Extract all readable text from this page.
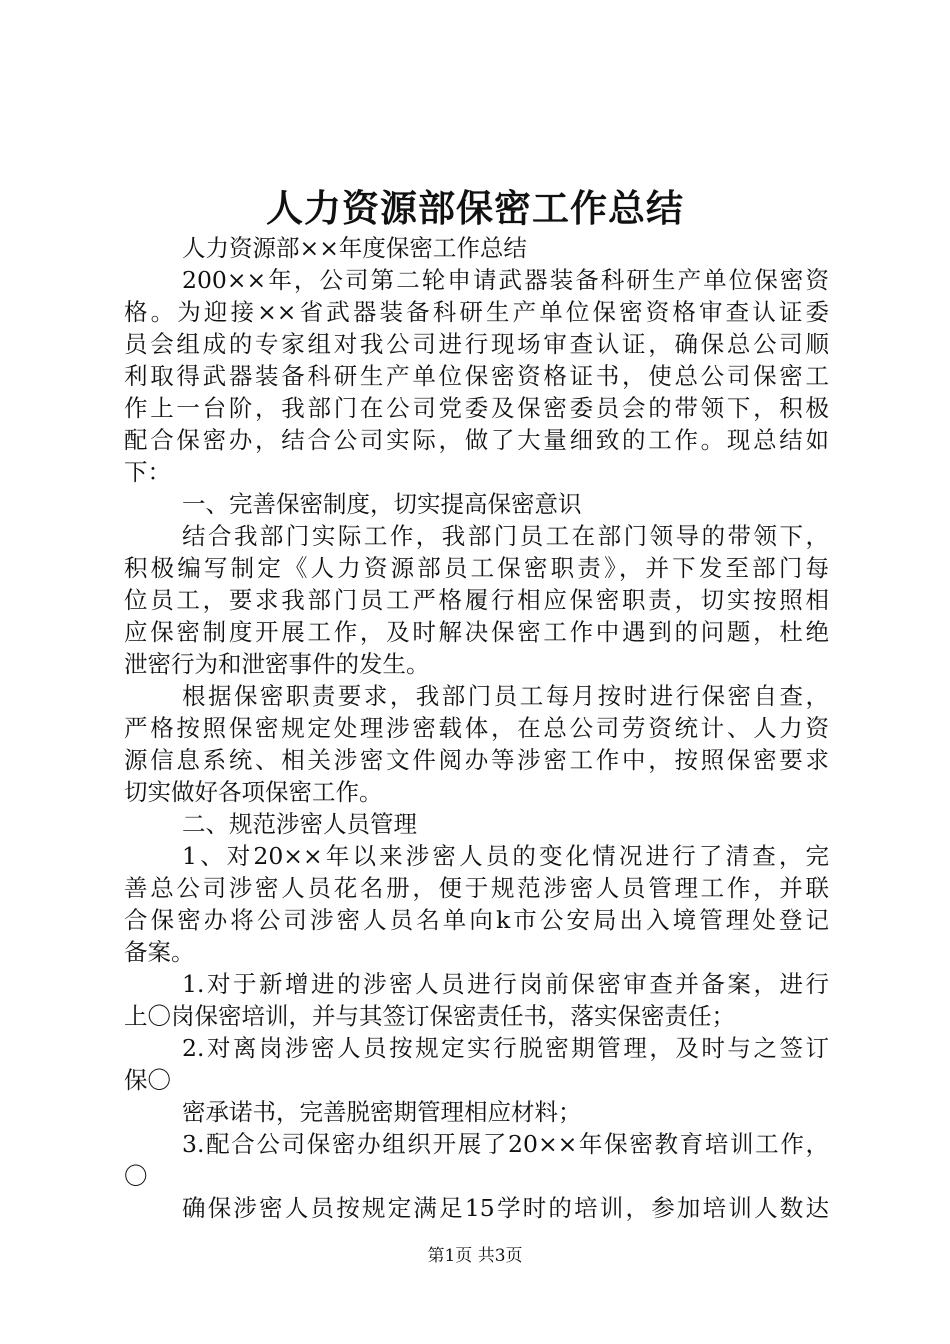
人力资源部保密工作总结
人力资源部××年度保密工作总结
200××年，公司第二轮申请武器装备科研生产单位保密资
格。为迎接××省武器装备科研生产单位保密资格审查认证委
员会组成的专家组对我公司进行现场审查认证，确保总公司顺
利取得武器装备科研生产单位保密资格证书，使总公司保密工
作上一台阶，我部门在公司党委及保密委员会的带领下，积极
配合保密办，结合公司实际，做了大量细致的工作。现总结如
下：
一、完善保密制度，切实提高保密意识
结合我部门实际工作，我部门员工在部门领导的带领下，
积极编写制定《人力资源部员工保密职责》，并下发至部门每
位员工，要求我部门员工严格履行相应保密职责，切实按照相
应保密制度开展工作，及时解决保密工作中遇到的问题，杜绝
泄密行为和泄密事件的发生。
根据保密职责要求，我部门员工每月按时进行保密自查，
严格按照保密规定处理涉密载体，在总公司劳资统计、人力资
源信息系统、相关涉密文件阅办等涉密工作中，按照保密要求
切实做好各项保密工作。
二、规范涉密人员管理
1、对20××年以来涉密人员的变化情况进行了清查，完
善总公司涉密人员花名册，便于规范涉密人员管理工作，并联
合保密办将公司涉密人员名单向k市公安局出入境管理处登记
备案。
1.对于新增进的涉密人员进行岗前保密审查并备案，进行
上〇岗保密培训，并与其签订保密责任书，落实保密责任；
2.对离岗涉密人员按规定实行脱密期管理，及时与之签订
保〇
密承诺书，完善脱密期管理相应材料；
3.配合公司保密办组织开展了20××年保密教育培训工作，
〇
确保涉密人员按规定满足15学时的培训，参加培训人数达
第1页 共3页
